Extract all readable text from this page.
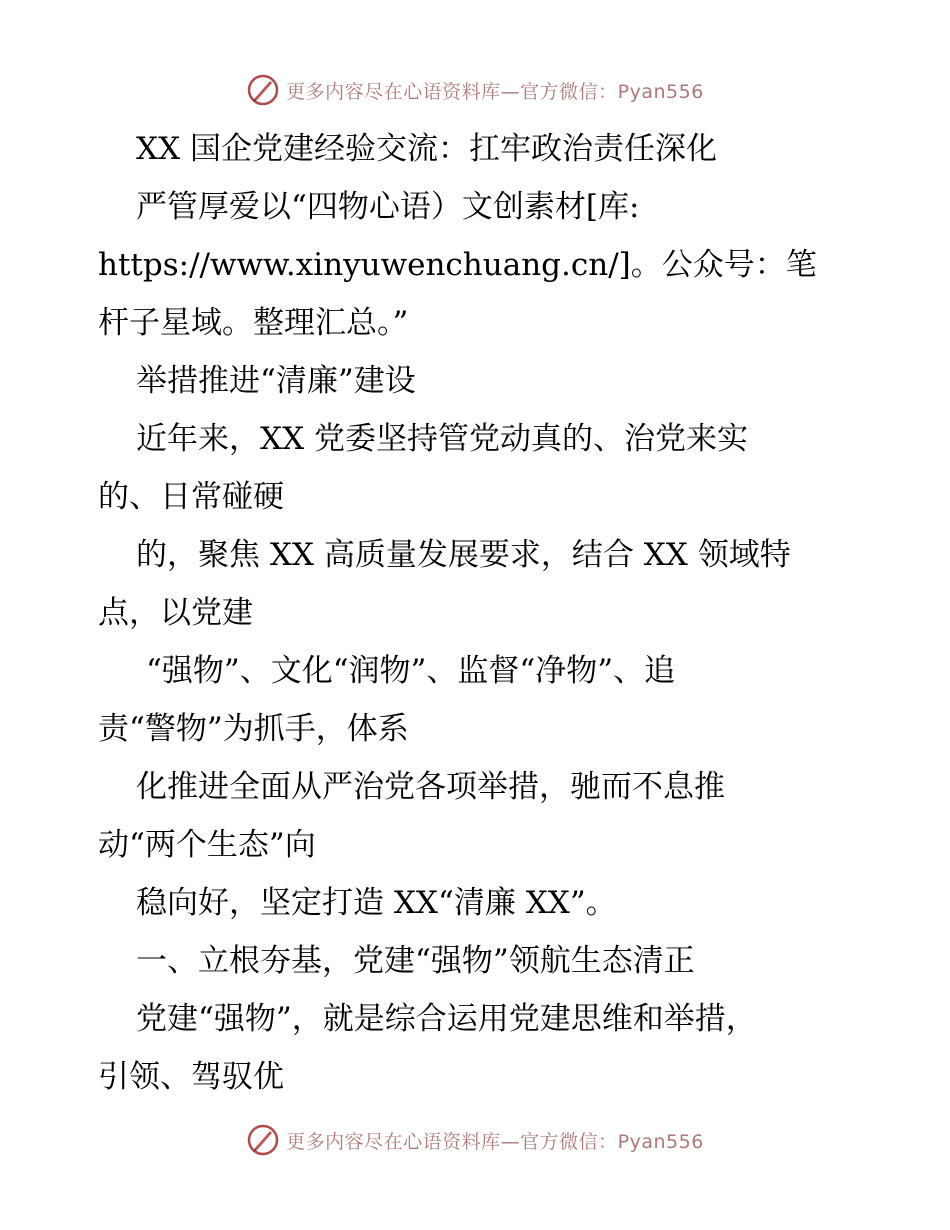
更多内容尽在心语资料库—官方微信：Pyan556
XX 国企党建经验交流：扛牢政治责任深化
严管厚爱以“四物心语）文创素材[库:
https://www.xinyuwenchuang.cn/]。公众号：笔
杆子星域。整理汇总。”
举措推进“清廉”建设
近年来，XX 党委坚持管党动真的、治党来实
的、日常碰硬
的，聚焦 XX 高质量发展要求，结合 XX 领域特
点，以党建
“强物”、文化“润物”、监督“净物”、追
责“警物”为抓手，体系
化推进全面从严治党各项举措，驰而不息推
动“两个生态”向
稳向好，坚定打造 XX“清廉 XX”。
一、立根夯基，党建“强物”领航生态清正
党建“强物”，就是综合运用党建思维和举措，
引领、驾驭优
更多内容尽在心语资料库—官方微信：Pyan556
